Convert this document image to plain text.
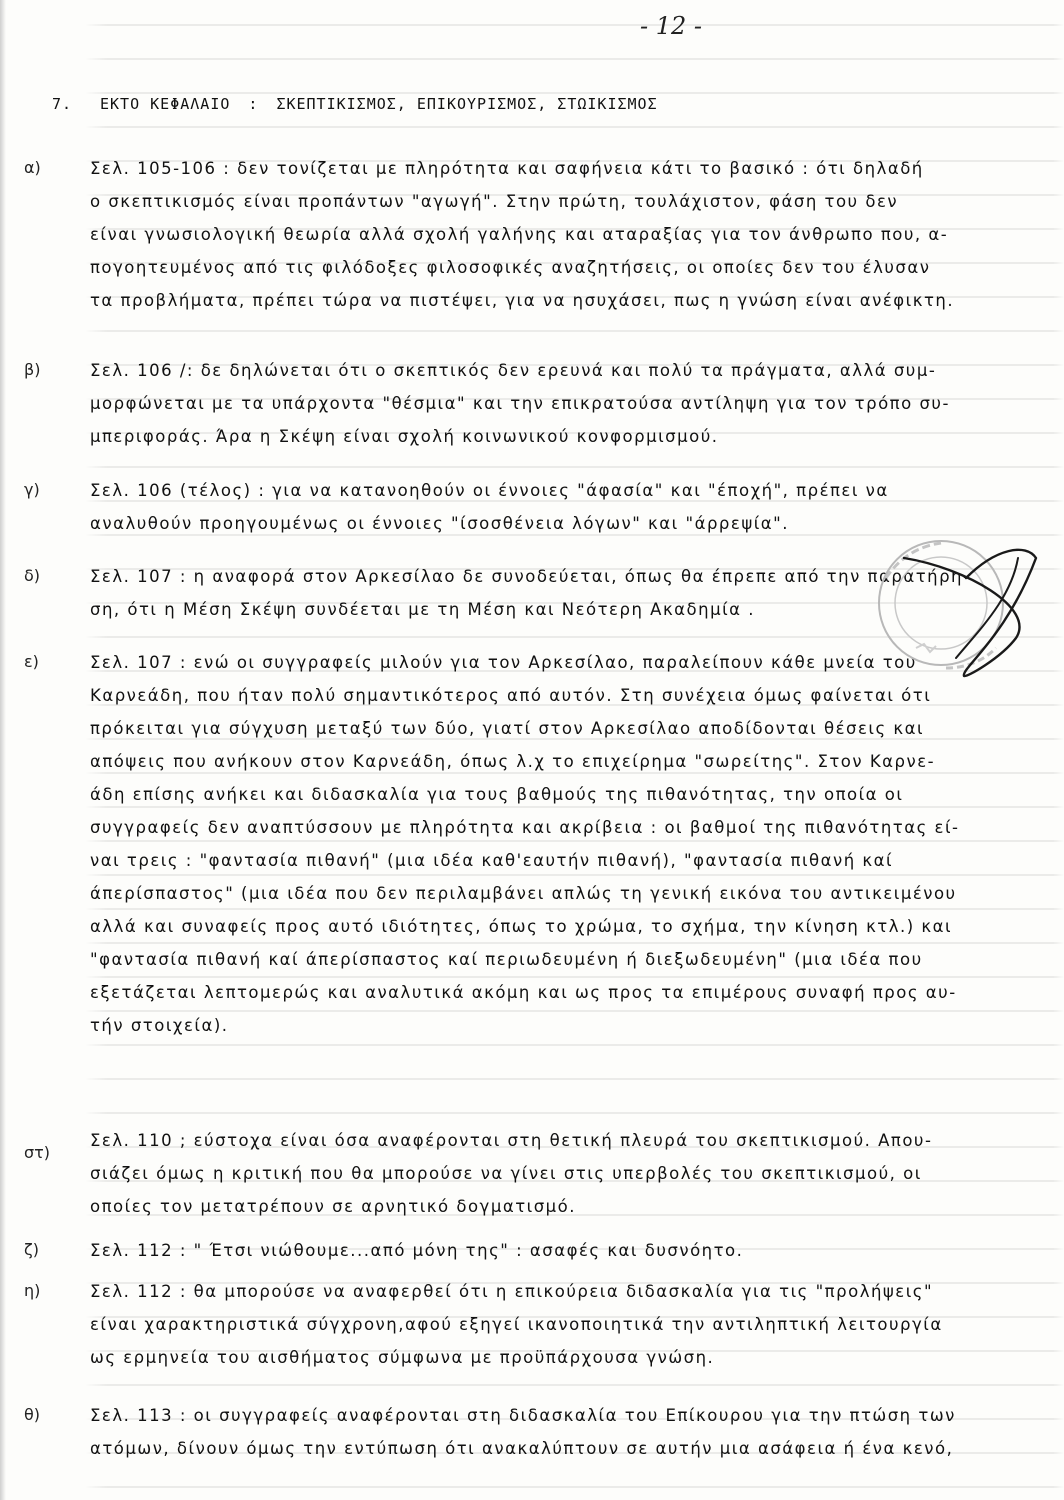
- 12 -
7. ΕΚΤΟ ΚΕΦΑΛΑΙΟ : ΣΚΕΠΤΙΚΙΣΜΟΣ, ΕΠΙΚΟΥΡΙΣΜΟΣ, ΣΤΩΙΚΙΣΜΟΣ
α)	Σελ. 105-106 : δεν τονίζεται με πληρότητα και σαφήνεια κάτι το βασικό : ότι δηλαδή
ο σκεπτικισμός είναι προπάντων "αγωγή". Στην πρώτη, τουλάχιστον, φάση του δεν
είναι γνωσιολογική θεωρία αλλά σχολή γαλήνης και αταραξίας για τον άνθρωπο που, α-
πογοητευμένος από τις φιλόδοξες φιλοσοφικές αναζητήσεις, οι οποίες δεν του έλυσαν
τα προβλήματα, πρέπει τώρα να πιστέψει, για να ησυχάσει, πως η γνώση είναι ανέφικτη.
β)	Σελ. 106 /: δε δηλώνεται ότι ο σκεπτικός δεν ερευνά και πολύ τα πράγματα, αλλά συμ-
μορφώνεται με τα υπάρχοντα "θέσμια" και την επικρατούσα αντίληψη για τον τρόπο συ-
μπεριφοράς. Άρα η Σκέψη είναι σχολή κοινωνικού κονφορμισμού.
γ)	Σελ. 106 (τέλος) : για να κατανοηθούν οι έννοιες "άφασία" και "έποχή", πρέπει να
αναλυθούν προηγουμένως οι έννοιες "ίσοσθένεια λόγων" και "άρρεψία".
δ)	Σελ. 107 : η αναφορά στον Αρκεσίλαο δε συνοδεύεται, όπως θα έπρεπε από την παρατήρη-
ση, ότι η Μέση Σκέψη συνδέεται με τη Μέση και Νεότερη Ακαδημία .
ε)	Σελ. 107 : ενώ οι συγγραφείς μιλούν για τον Αρκεσίλαο, παραλείπουν κάθε μνεία του
Καρνεάδη, που ήταν πολύ σημαντικότερος από αυτόν. Στη συνέχεια όμως φαίνεται ότι
πρόκειται για σύγχυση μεταξύ των δύο, γιατί στον Αρκεσίλαο αποδίδονται θέσεις και
απόψεις που ανήκουν στον Καρνεάδη, όπως λ.χ το επιχείρημα "σωρείτης". Στον Καρνε-
άδη επίσης ανήκει και διδασκαλία για τους βαθμούς της πιθανότητας, την οποία οι
συγγραφείς δεν αναπτύσσουν με πληρότητα και ακρίβεια : οι βαθμοί της πιθανότητας εί-
ναι τρεις : "φαντασία πιθανή" (μια ιδέα καθ'εαυτήν πιθανή), "φαντασία πιθανή καί
άπερίσπαστος" (μια ιδέα που δεν περιλαμβάνει απλώς τη γενική εικόνα του αντικειμένου
αλλά και συναφείς προς αυτό ιδιότητες, όπως το χρώμα, το σχήμα, την κίνηση κτλ.) και
"φαντασία πιθανή καί άπερίσπαστος καί περιωδευμένη ή διεξωδευμένη" (μια ιδέα που
εξετάζεται λεπτομερώς και αναλυτικά ακόμη και ως προς τα επιμέρους συναφή προς αυ-
τήν στοιχεία).
στ)
Σελ. 110 ; εύστοχα είναι όσα αναφέρονται στη θετική πλευρά του σκεπτικισμού. Απου-
σιάζει όμως η κριτική που θα μπορούσε να γίνει στις υπερβολές του σκεπτικισμού, οι
οποίες τον μετατρέπουν σε αρνητικό δογματισμό.
ζ)	Σελ. 112 : " Έτσι νιώθουμε...από μόνη της" : ασαφές και δυσνόητο.
η)	Σελ. 112 : θα μπορούσε να αναφερθεί ότι η επικούρεια διδασκαλία για τις "προλήψεις"
είναι χαρακτηριστικά σύγχρονη,αφού εξηγεί ικανοποιητικά την αντιληπτική λειτουργία
ως ερμηνεία του αισθήματος σύμφωνα με προϋπάρχουσα γνώση.
θ)	Σελ. 113 : οι συγγραφείς αναφέρονται στη διδασκαλία του Επίκουρου για την πτώση των
ατόμων, δίνουν όμως την εντύπωση ότι ανακαλύπτουν σε αυτήν μια ασάφεια ή ένα κενό,
